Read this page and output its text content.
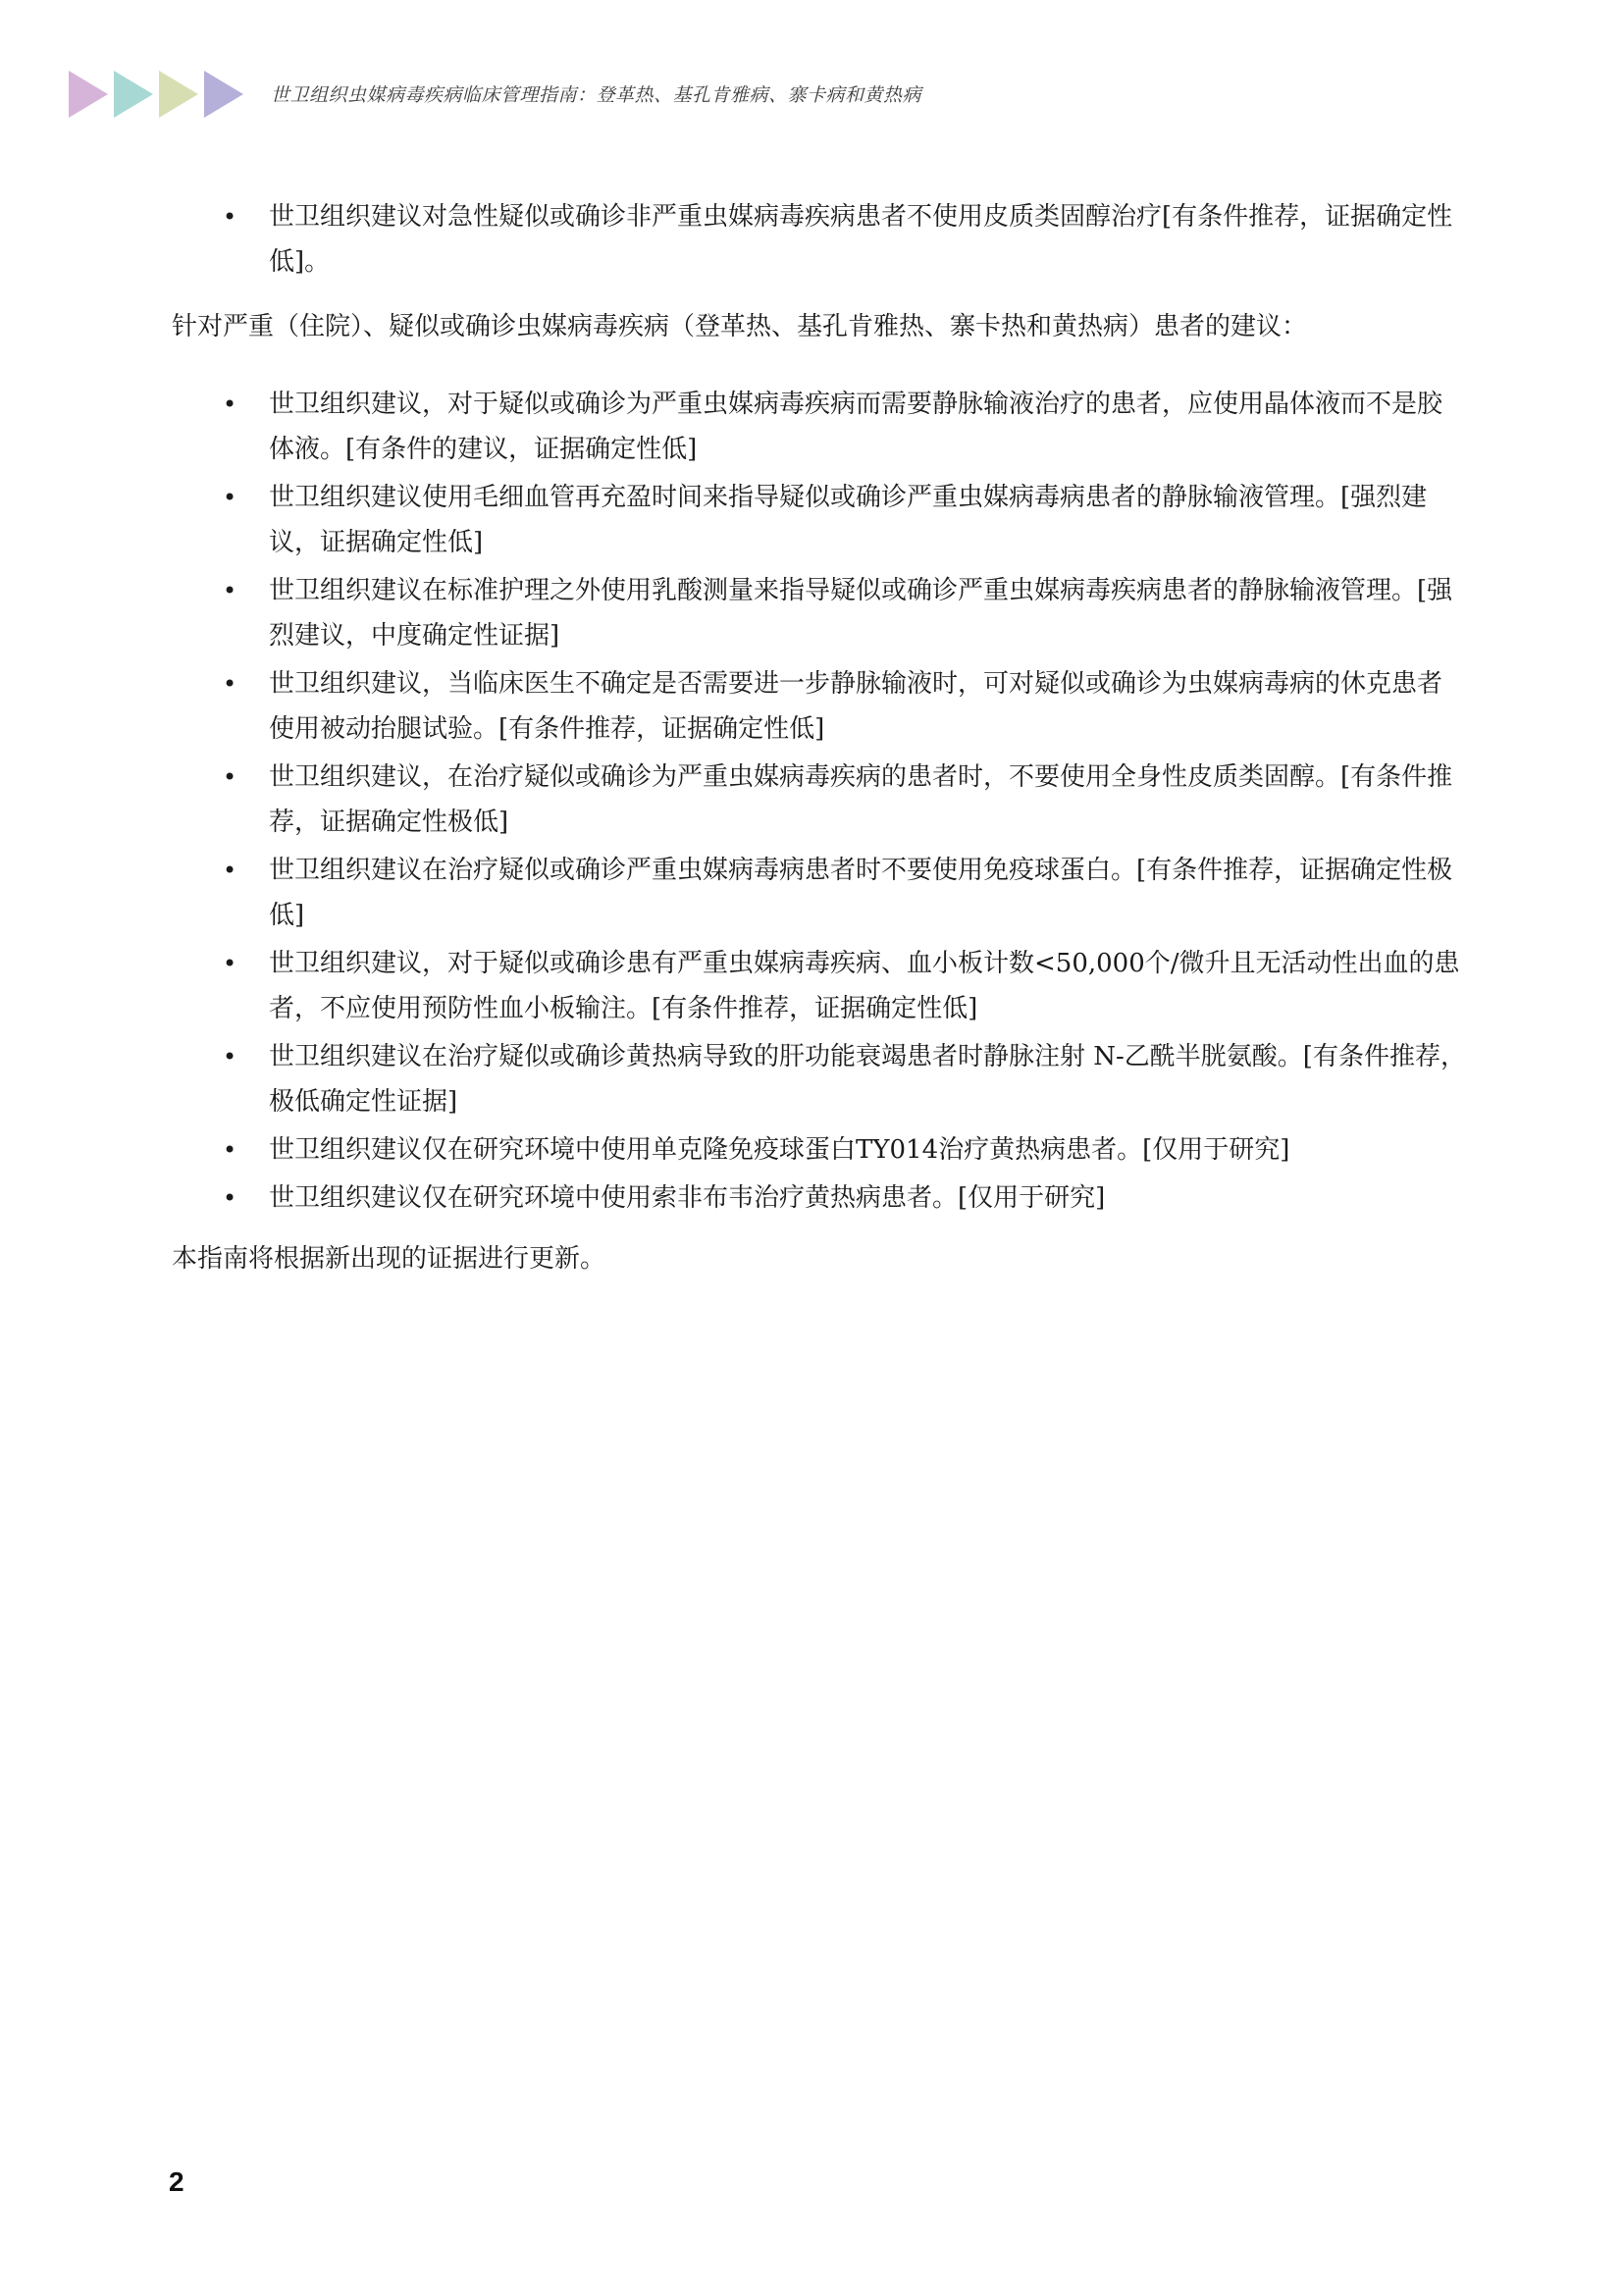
世卫组织虫媒病毒疾病临床管理指南：登革热、基孔肯雅病、寨卡病和黄热病
• 世卫组织建议对急性疑似或确诊非严重虫媒病毒疾病患者不使用皮质类固醇治疗[有条件推荐，证据确定性低]。

针对严重（住院）、疑似或确诊虫媒病毒疾病（登革热、基孔肯雅热、寨卡热和黄热病）患者的建议：

• 世卫组织建议，对于疑似或确诊为严重虫媒病毒疾病而需要静脉输液治疗的患者，应使用晶体液而不是胶体液。[有条件的建议，证据确定性低]
• 世卫组织建议使用毛细血管再充盈时间来指导疑似或确诊严重虫媒病毒病患者的静脉输液管理。[强烈建议，证据确定性低]
• 世卫组织建议在标准护理之外使用乳酸测量来指导疑似或确诊严重虫媒病毒疾病患者的静脉输液管理。[强烈建议，中度确定性证据]
• 世卫组织建议，当临床医生不确定是否需要进一步静脉输液时，可对疑似或确诊为虫媒病毒病的休克患者使用被动抬腿试验。[有条件推荐，证据确定性低]
• 世卫组织建议，在治疗疑似或确诊为严重虫媒病毒疾病的患者时，不要使用全身性皮质类固醇。[有条件推荐，证据确定性极低]
• 世卫组织建议在治疗疑似或确诊严重虫媒病毒病患者时不要使用免疫球蛋白。[有条件推荐，证据确定性极低]
• 世卫组织建议，对于疑似或确诊患有严重虫媒病毒疾病、血小板计数<50,000个/微升且无活动性出血的患者，不应使用预防性血小板输注。[有条件推荐，证据确定性低]
• 世卫组织建议在治疗疑似或确诊黄热病导致的肝功能衰竭患者时静脉注射 N-乙酰半胱氨酸。[有条件推荐，极低确定性证据]
• 世卫组织建议仅在研究环境中使用单克隆免疫球蛋白TY014治疗黄热病患者。[仅用于研究]
• 世卫组织建议仅在研究环境中使用索非布韦治疗黄热病患者。[仅用于研究]

本指南将根据新出现的证据进行更新。

2
